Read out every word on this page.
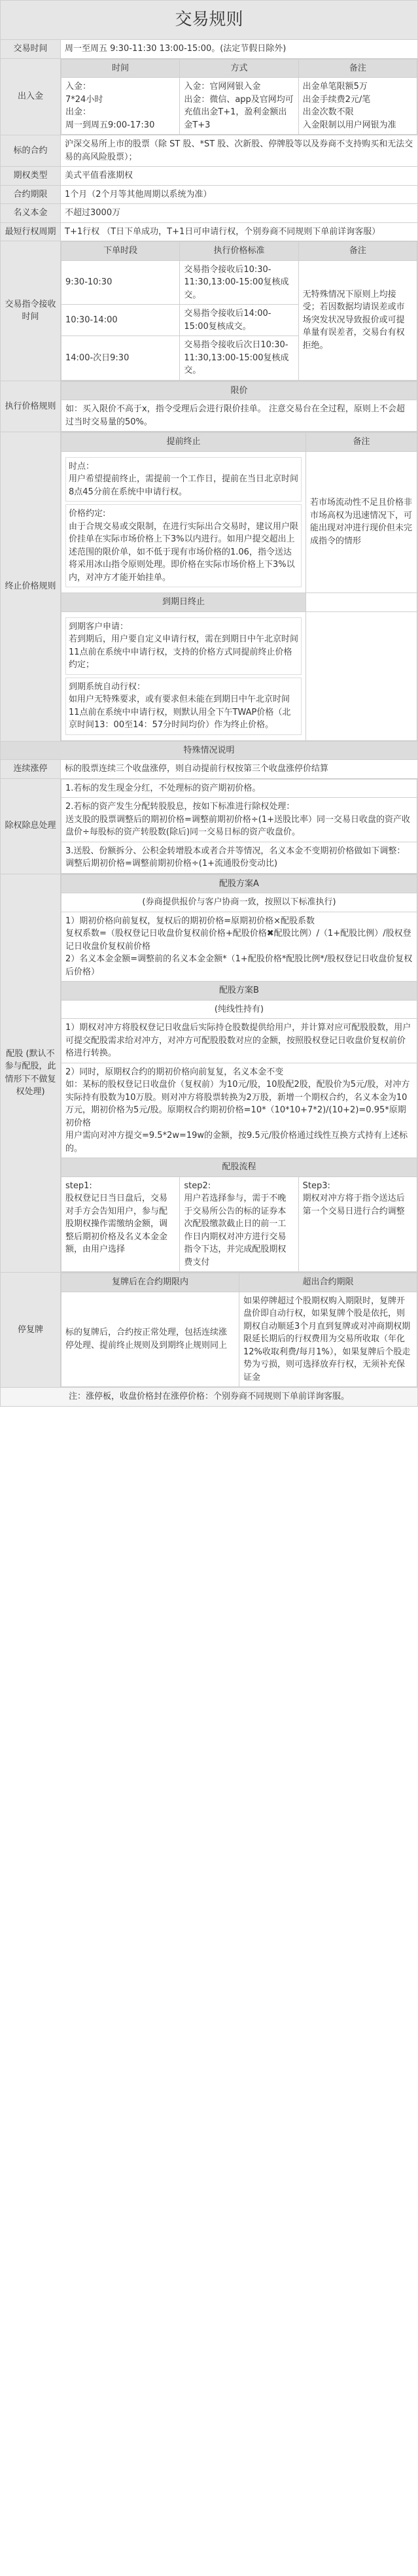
交易规则
交易时间	周一至周五 9:30-11:30 13:00-15:00。(法定节假日除外)
出入金	
时间	方式	备注
入金：
7*24小时
出金：
周一到周五9:00-17:30	入金：官网网银入金
出金：微信、app及官网均可
充值出金T+1，盈利金额出金T+3	出金单笔限额5万
出金手续费2元/笔
出金次数不限
入金限制以用户网银为准

标的合约	沪深交易所上市的股票（除 ST 股、*ST 股、次新股、停牌股等以及券商不支持购买和无法交易的高风险股票）；
期权类型	美式平值看涨期权
合约期限	1个月（2个月等其他周期以系统为准）
名义本金	不超过3000万
最短行权周期	T+1行权 （T日下单成功，T+1日可申请行权，个别券商不同规则下单前详询客服）
交易指令接收时间	
下单时段	执行价格标准	备注
9:30-10:30	交易指令接收后10:30-11:30,13:00-15:00复核成交。	无特殊情况下原则上均接受；若因数据均请误差或市场突发状况导致报价或可提单量有误差者，交易台有权拒绝。
10:30-14:00	交易指令接收后14:00-15:00复核成交。
14:00-次日9:30	交易指令接收后次日10:30-11:30,13:00-15:00复核成交。

执行价格规则	
限价
如：买入限价不高于x，指令受理后会进行限价挂单。 注意交易台在全过程，原则上不会超过当时交易量的50%。

终止价格规则	
提前终止	备注

时点：
用户希望提前终止，需提前一个工作日，提前在当日北京时间8点45分前在系统中申请行权。
价格约定:
由于合规交易或交限制，在进行实际出合交易时，建议用户限价挂单在实际市场价格上下3%以内进行。如用户提交超出上述范围的限价单，如不低于现有市场价格的1.06，指令送达将采用冰山指令原则处理。即价格在实际市场价格上下3%以内，对冲方才能开始挂单。
	若市场流动性不足且价格非市场高权为迅速情况下，可能出现对冲进行现价但未完成指令的情形
到期日终止	

到期客户申请：
若到期后，用户要自定义申请行权，需在到期日中午北京时间11点前在系统中申请行权，支持的价格方式同提前终止价格约定；
到期系统自动行权：
如用户无特殊要求，或有要求但未能在到期日中午北京时间11点前在系统中申请行权，则默认用全下午TWAP价格（北京时间13：00至14：57分时间均价）作为终止价格。

特殊情况说明
连续涨停	标的股票连续三个收盘涨停，则自动提前行权按第三个收盘涨停价结算
除权除息处理	
1.若标的发生现金分红，不处理标的资产期初价格。
2.若标的资产发生分配转股股息，按如下标准进行除权处理：
送支股的股票调整后的期初价格=调整前期初价格÷(1+送股比率）同一交易日收盘的资产收盘价÷每股标的资产转股数(除后)同一交易日标的资产收盘价。
3.送股、份额拆分、公积金转增股本或者合并等情况，名义本金不变期初价格做如下调整：调整后期初价格=调整前期初价格÷(1+流通股份变动比)

配股 (默认不参与配股，此情形下不做复权处理)	
配股方案A
(券商提供报价与客户协商一致，按照以下标准执行)
1）期初价格向前复权，复权后的期初价格=原期初价格×配股系数
复权系数=（股权登记日收盘价复权前价格+配股价格✖配股比例）/（1+配股比例）/股权登记日收盘价复权前价格
2）名义本金金额=调整前的名义本金金额*（1+配股价格*配股比例*/股权登记日收盘价复权后价格）
配股方案B
(纯线性持有)
1）期权对冲方将股权登记日收盘后实际持仓股数提供给用户，并计算对应可配股股数，用户可提交配股需求给对冲方，对冲方可配股股数对应的金额，按照股权登记日收盘价复权前价格进行转换。
2）同时，原期权合约的期初价格向前复复，名义本金不变
如：某标的股权登记日收盘价（复权前）为10元/股，10股配2股，配股价为5元/股，对冲方实际持有股数为10万股。则对冲方将股票转换为2万股，新增一个期权合约，名义本金为10万元，期初价格为5元/股。原期权合约期初价格=10*（10*10+7*2)/(10+2)=0.95*原期初价格
用户需向对冲方提交=9.5*2w=19w的金额，按9.5元/股价格通过线性互换方式持有上述标的。
配股流程
step1:
股权登记日当日盘后，交易对手方会告知用户，参与配股期权操作需缴纳金额，调整后期初价格及名义本金金额，由用户选择	step2:
用户若选择参与，需于不晚于交易所公告的标的证券本次配股缴款截止日的前一工作日内期权对冲方进行交易指令下达，并完成配股期权费支付	Step3:
期权对冲方将于指令送达后第一个交易日进行合约调整

停复牌	
复牌后在合约期限内	超出合约期限
标的复牌后，合约按正常处理，包括连续涨停处理、提前终止规则及到期终止规则同上	如果停牌超过个股期权购入期限时，复牌开盘价即自动行权，如果复牌个股是依托，则期权自动顺延3个月直到复牌或对冲商期权期限延长期后的行权费用为交易所收取（年化12%收取利费/每月1%），如果复牌后个股走势为亏损，则可选择放弃行权，无须补充保证金

注：涨停板，收盘价格封在涨停价格：个别券商不同规则下单前详询客服。
